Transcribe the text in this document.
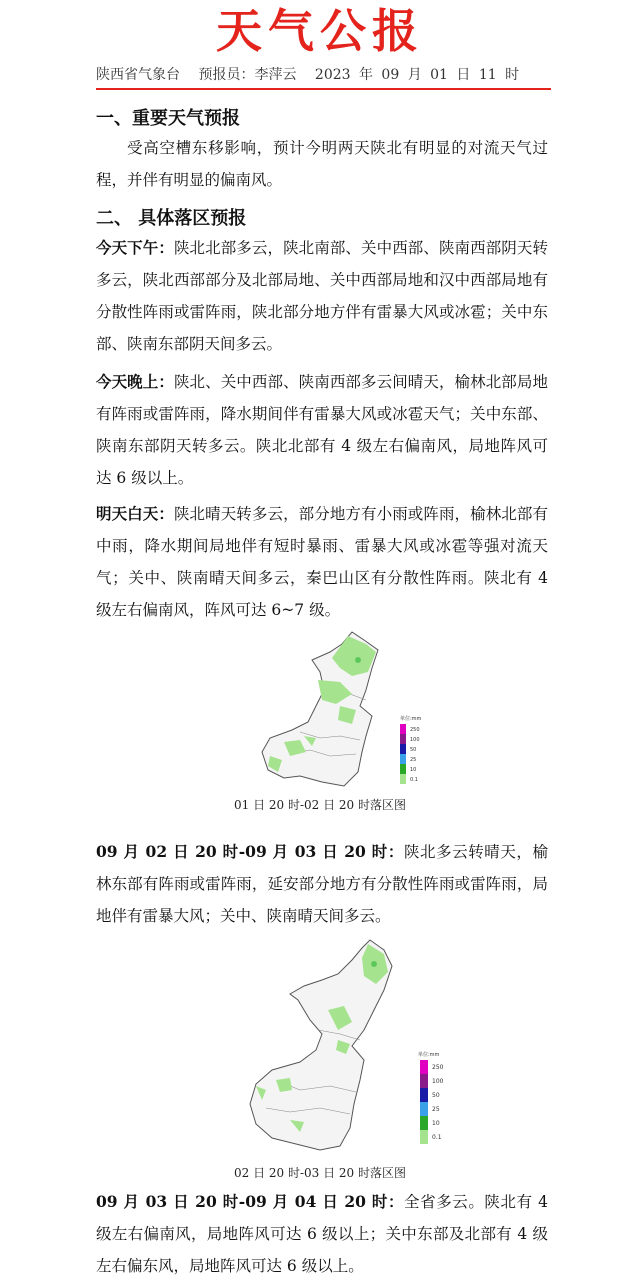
天气公报
陕西省气象台 预报员：李萍云 2023 年 09 月 01 日 11 时
一、重要天气预报
受高空槽东移影响，预计今明两天陕北有明显的对流天气过程，并伴有明显的偏南风。
二、 具体落区预报
今天下午：陕北北部多云，陕北南部、关中西部、陕南西部阴天转多云，陕北西部部分及北部局地、关中西部局地和汉中西部局地有分散性阵雨或雷阵雨，陕北部分地方伴有雷暴大风或冰雹；关中东部、陕南东部阴天间多云。
今天晚上：陕北、关中西部、陕南西部多云间晴天，榆林北部局地有阵雨或雷阵雨，降水期间伴有雷暴大风或冰雹天气；关中东部、陕南东部阴天转多云。陕北北部有 4 级左右偏南风，局地阵风可达 6 级以上。
明天白天：陕北晴天转多云，部分地方有小雨或阵雨，榆林北部有中雨，降水期间局地伴有短时暴雨、雷暴大风或冰雹等强对流天气；关中、陕南晴天间多云，秦巴山区有分散性阵雨。陕北有 4 级左右偏南风，阵风可达 6~7 级。
单位:mm
250
100
50
25
10
0.1
01 日 20 时-02 日 20 时落区图
09 月 02 日 20 时-09 月 03 日 20 时：陕北多云转晴天，榆林东部有阵雨或雷阵雨，延安部分地方有分散性阵雨或雷阵雨，局地伴有雷暴大风；关中、陕南晴天间多云。
单位:mm
250
100
50
25
10
0.1
02 日 20 时-03 日 20 时落区图
09 月 03 日 20 时-09 月 04 日 20 时：全省多云。陕北有 4 级左右偏南风，局地阵风可达 6 级以上；关中东部及北部有 4 级左右偏东风，局地阵风可达 6 级以上。
